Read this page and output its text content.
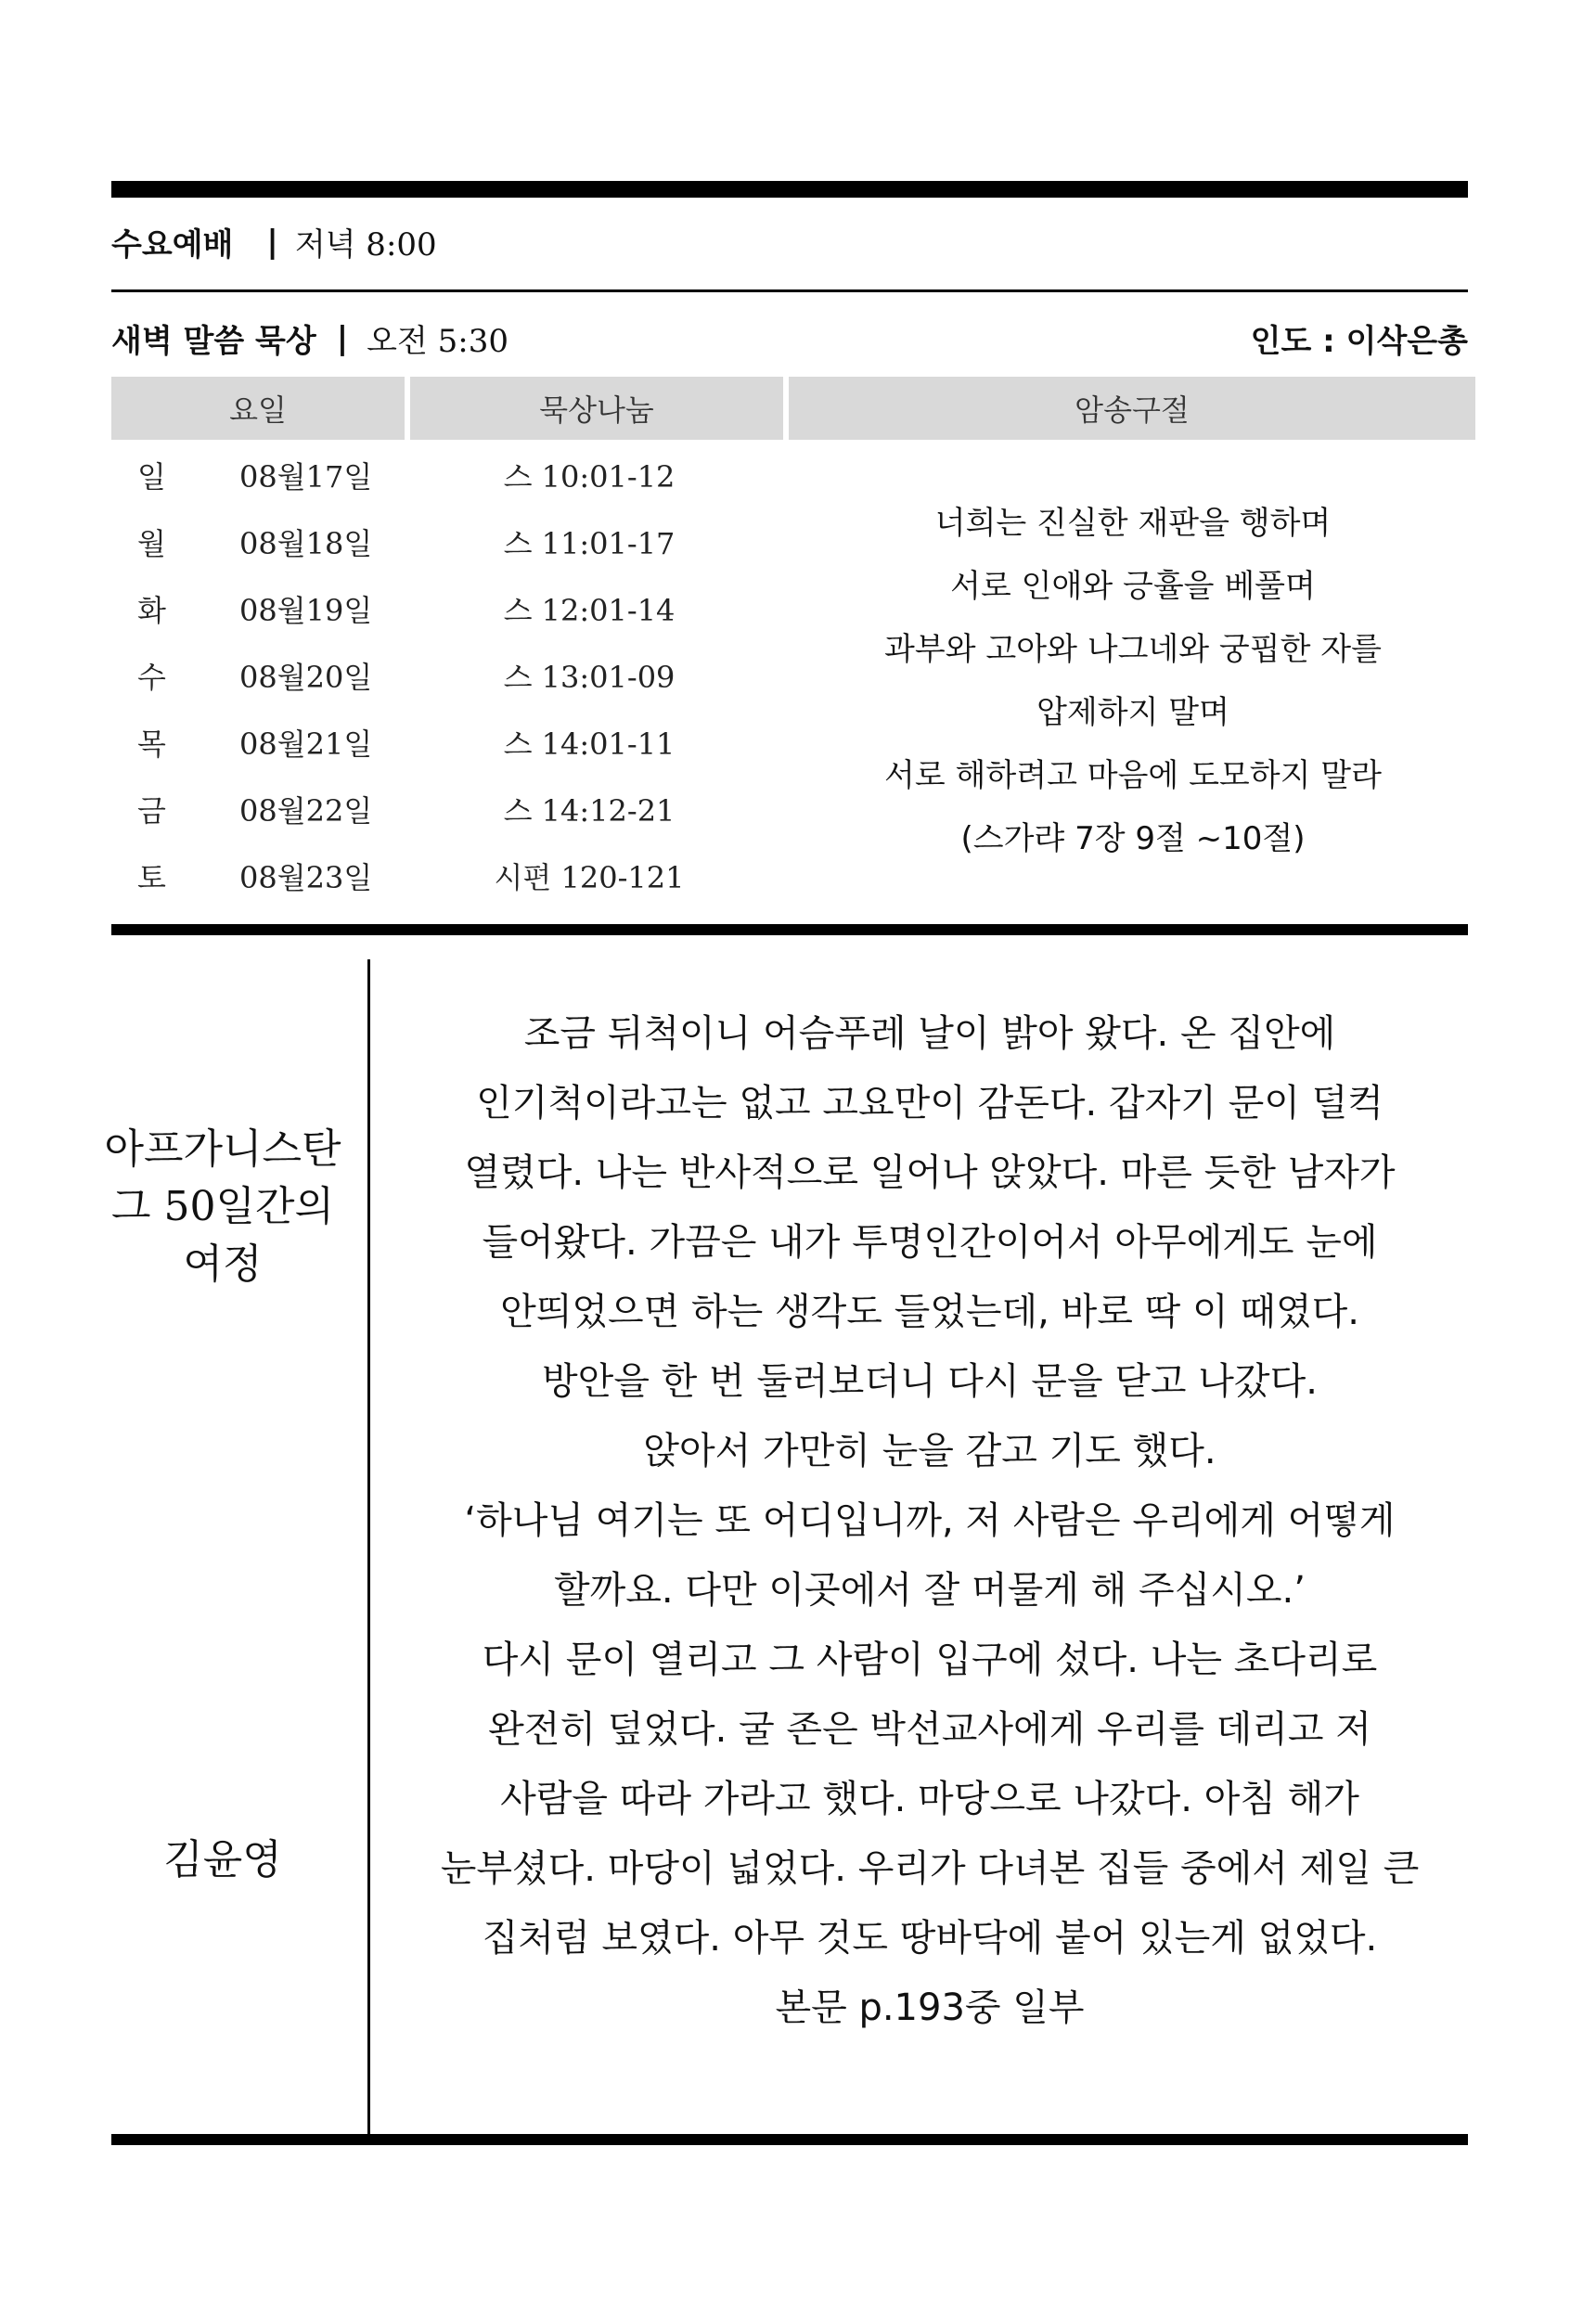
수요예배 | 저녁 8:00
새벽 말씀 묵상 | 오전 5:30	인도 : 이삭은총
요일	묵상나눔	암송구절
일 08월17일	스 10:01-12
월 08월18일	스 11:01-17
화 08월19일	스 12:01-14
수 08월20일	스 13:01-09
목 08월21일	스 14:01-11
금 08월22일	스 14:12-21
토 08월23일	시편 120-121
너희는 진실한 재판을 행하며
서로 인애와 긍휼을 베풀며
과부와 고아와 나그네와 궁핍한 자를
압제하지 말며
서로 해하려고 마음에 도모하지 말라
(스가랴 7장 9절 ~10절)
아프가니스탄
그 50일간의
여정
김윤영
조금 뒤척이니 어슴푸레 날이 밝아 왔다. 온 집안에
인기척이라고는 없고 고요만이 감돈다. 갑자기 문이 덜컥
열렸다. 나는 반사적으로 일어나 앉았다. 마른 듯한 남자가
들어왔다. 가끔은 내가 투명인간이어서 아무에게도 눈에
안띄었으면 하는 생각도 들었는데, 바로 딱 이 때였다.
방안을 한 번 둘러보더니 다시 문을 닫고 나갔다.
앉아서 가만히 눈을 감고 기도 했다.
‘하나님 여기는 또 어디입니까, 저 사람은 우리에게 어떻게
할까요. 다만 이곳에서 잘 머물게 해 주십시오.’
다시 문이 열리고 그 사람이 입구에 섰다. 나는 초다리로
완전히 덮었다. 굴 존은 박선교사에게 우리를 데리고 저
사람을 따라 가라고 했다. 마당으로 나갔다. 아침 해가
눈부셨다. 마당이 넓었다. 우리가 다녀본 집들 중에서 제일 큰
집처럼 보였다. 아무 것도 땅바닥에 붙어 있는게 없었다.
본문 p.193중 일부
